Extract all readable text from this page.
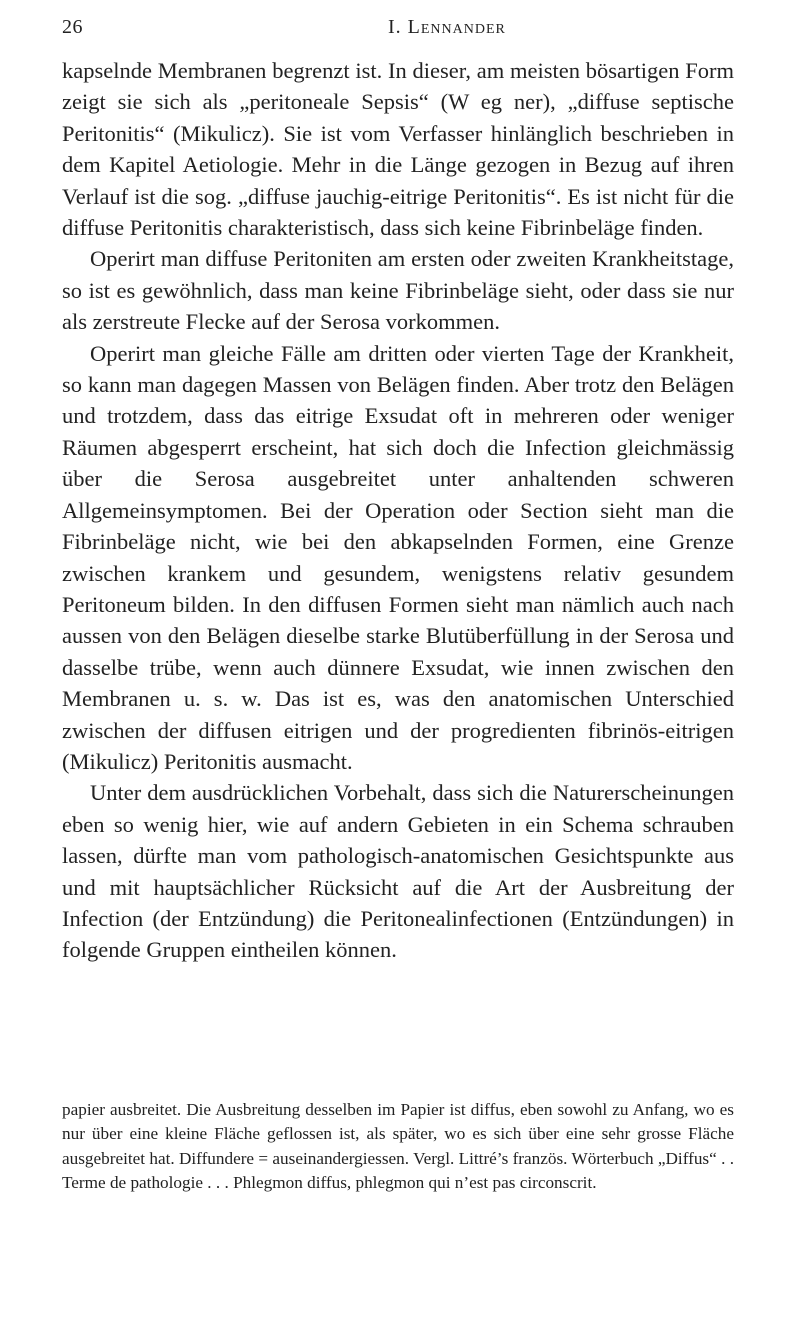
26	I. Lennander

kapselnde Membranen begrenzt ist. In dieser, am meisten bösartigen Form zeigt sie sich als „peritoneale Sepsis“ (W eg ner), „diffuse septische Peritonitis“ (Mikulicz). Sie ist vom Verfasser hinlänglich beschrieben in dem Kapitel Aetiologie. Mehr in die Länge gezogen in Bezug auf ihren Verlauf ist die sog. „diffuse jauchig-eitrige Peritonitis“. Es ist nicht für die diffuse Peritonitis charakteristisch, dass sich keine Fibrinbeläge finden.

Operirt man diffuse Peritoniten am ersten oder zweiten Krankheitstage, so ist es gewöhnlich, dass man keine Fibrinbeläge sieht, oder dass sie nur als zerstreute Flecke auf der Serosa vorkommen.

Operirt man gleiche Fälle am dritten oder vierten Tage der Krankheit, so kann man dagegen Massen von Belägen finden. Aber trotz den Belägen und trotzdem, dass das eitrige Exsudat oft in mehreren oder weniger Räumen abgesperrt erscheint, hat sich doch die Infection gleichmässig über die Serosa ausgebreitet unter anhaltenden schweren Allgemeinsymptomen. Bei der Operation oder Section sieht man die Fibrinbeläge nicht, wie bei den abkapselnden Formen, eine Grenze zwischen krankem und gesundem, wenigstens relativ gesundem Peritoneum bilden. In den diffusen Formen sieht man nämlich auch nach aussen von den Belägen dieselbe starke Blutüberfüllung in der Serosa und dasselbe trübe, wenn auch dünnere Exsudat, wie innen zwischen den Membranen u. s. w. Das ist es, was den anatomischen Unterschied zwischen der diffusen eitrigen und der progredienten fibrinös-eitrigen (Mikulicz) Peritonitis ausmacht.

Unter dem ausdrücklichen Vorbehalt, dass sich die Naturerscheinungen eben so wenig hier, wie auf andern Gebieten in ein Schema schrauben lassen, dürfte man vom pathologisch-anatomischen Gesichtspunkte aus und mit hauptsächlicher Rücksicht auf die Art der Ausbreitung der Infection (der Entzündung) die Peritonealinfectionen (Entzündungen) in folgende Gruppen eintheilen können.

papier ausbreitet. Die Ausbreitung desselben im Papier ist diffus, eben sowohl zu Anfang, wo es nur über eine kleine Fläche geflossen ist, als später, wo es sich über eine sehr grosse Fläche ausgebreitet hat. Diffundere = auseinandergiessen. Vergl. Littré’s französ. Wörterbuch „Diffus“ . . Terme de pathologie . . . Phlegmon diffus, phlegmon qui n’est pas circonscrit.
